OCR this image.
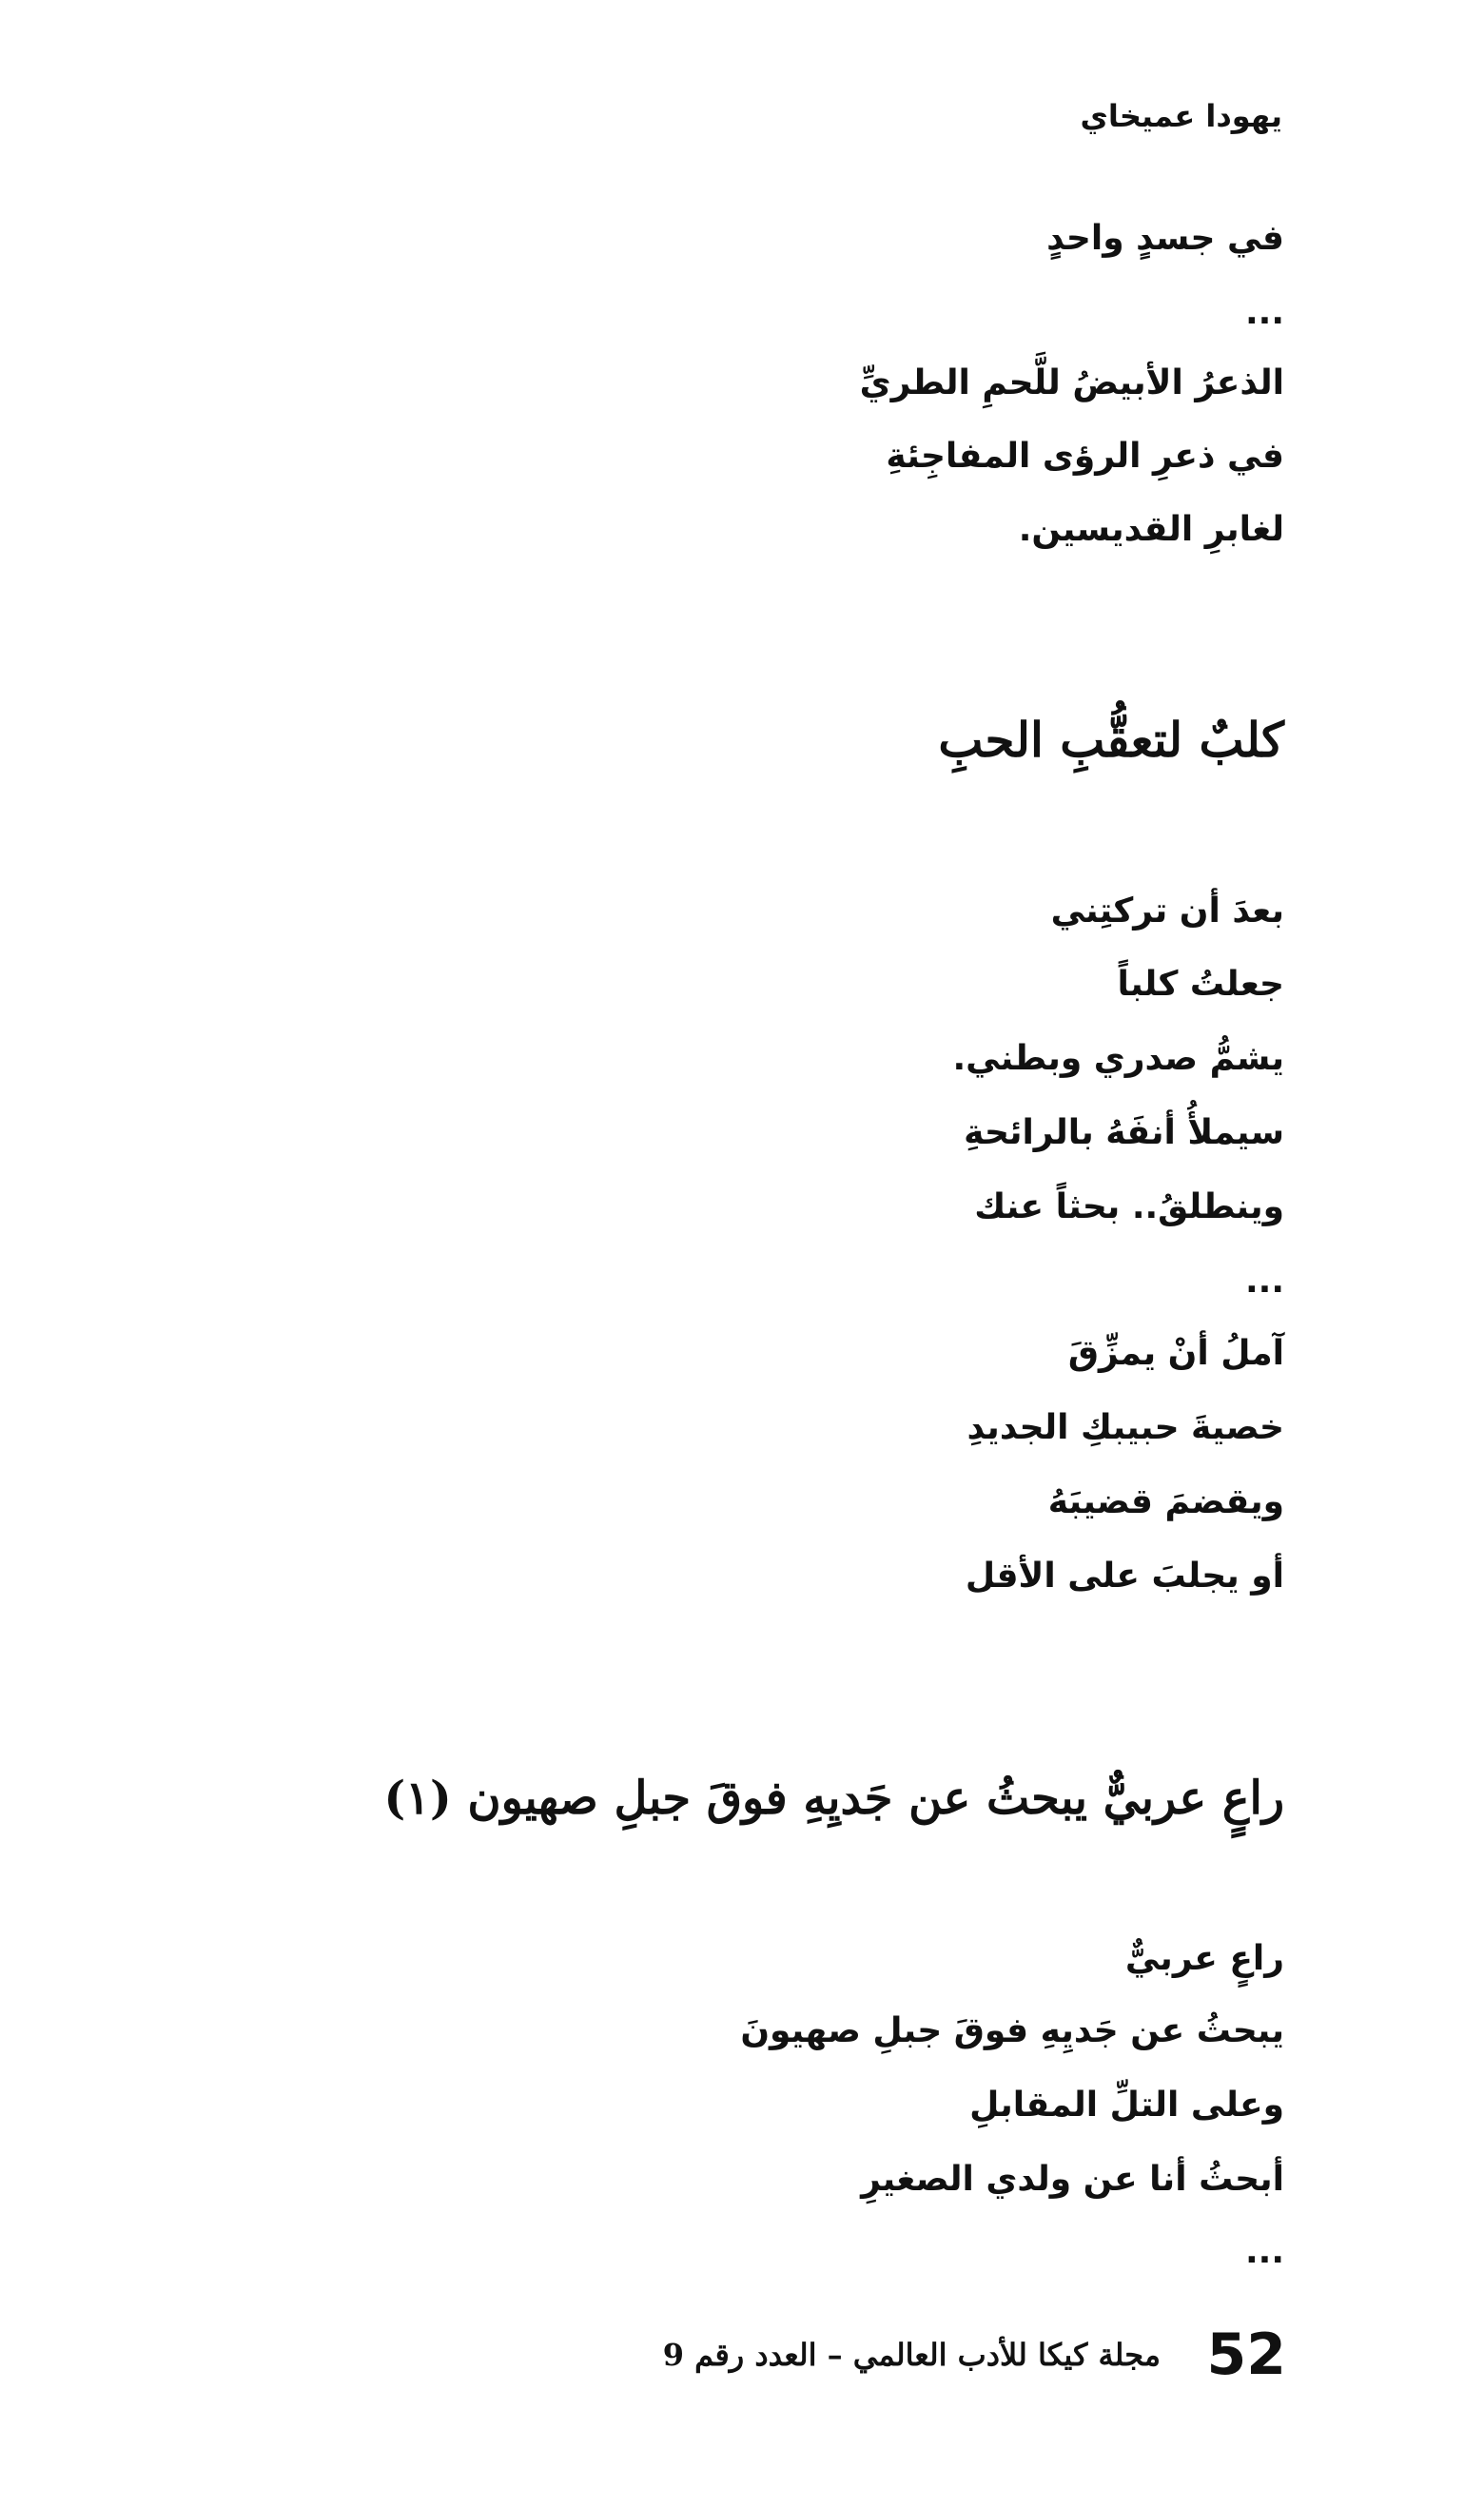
يهودا عميخاي
في جسدٍ واحدٍ
...
الذعرُ الأبيضُ للَّحمِ الطريِّ
في ذعرِ الرؤى المفاجِئةِ
لغابرِ القديسين.
كلبٌ لتعقُّبِ الحبِ
بعدَ أن تركتِني
جعلتُ كلباً
يشمُّ صدري وبطني.
سيملأُ أنفَهُ بالرائحةِ
وينطلقُ.. بحثاً عنك
...
آملُ أنْ يمزِّقَ
خصيةَ حبيبكِ الجديدِ
ويقضمَ قضيبَهُ
أو يجلبَ على الأقل
راعٍ عربيٌّ يبحثُ عن جَديِهِ فوقَ جبلِ صهيون (١)
راعٍ عربيٌّ
يبحثُ عن جَديِهِ فوقَ جبلِ صهيونَ
وعلى التلِّ المقابلِ
أبحثُ أنا عن ولدي الصغيرِ
...
52
مجلة كيكا للأدب العالمي – العدد رقم 9
